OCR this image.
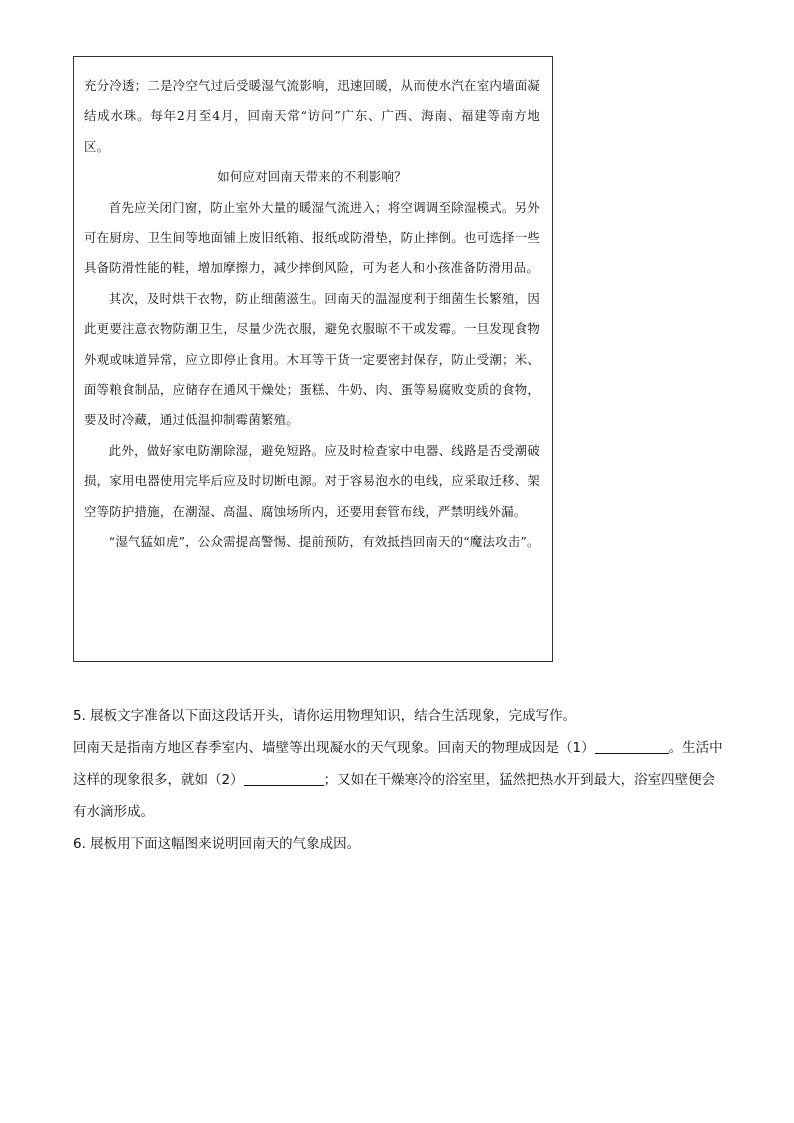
充分冷透；二是冷空气过后受暖湿气流影响，迅速回暖，从而使水汽在室内墙面凝结成水珠。每年2月至4月，回南天常“访问”广东、广西、海南、福建等南方地区。

如何应对回南天带来的不利影响？

首先应关闭门窗，防止室外大量的暖湿气流进入；将空调调至除湿模式。另外可在厨房、卫生间等地面铺上废旧纸箱、报纸或防滑垫，防止摔倒。也可选择一些具备防滑性能的鞋，增加摩擦力，减少摔倒风险，可为老人和小孩准备防滑用品。

其次，及时烘干衣物，防止细菌滋生。回南天的温湿度利于细菌生长繁殖，因此更要注意衣物防潮卫生，尽量少洗衣服，避免衣服晾不干或发霉。一旦发现食物外观或味道异常，应立即停止食用。木耳等干货一定要密封保存，防止受潮；米、面等粮食制品，应储存在通风干燥处；蛋糕、牛奶、肉、蛋等易腐败变质的食物，要及时冷藏，通过低温抑制霉菌繁殖。

此外，做好家电防潮除湿，避免短路。应及时检查家中电器、线路是否受潮破损，家用电器使用完毕后应及时切断电源。对于容易泡水的电线，应采取迁移、架空等防护措施，在潮湿、高温、腐蚀场所内，还要用套管布线，严禁明线外漏。

“湿气猛如虎”，公众需提高警惕、提前预防，有效抵挡回南天的“魔法攻击”。

5. 展板文字准备以下面这段话开头，请你运用物理知识，结合生活现象，完成写作。

回南天是指南方地区春季室内、墙壁等出现凝水的天气现象。回南天的物理成因是（1）	。生活中这样的现象很多，就如（2）	；又如在干燥寒冷的浴室里，猛然把热水开到最大，浴室四壁便会有水滴形成。

6. 展板用下面这幅图来说明回南天的气象成因。
